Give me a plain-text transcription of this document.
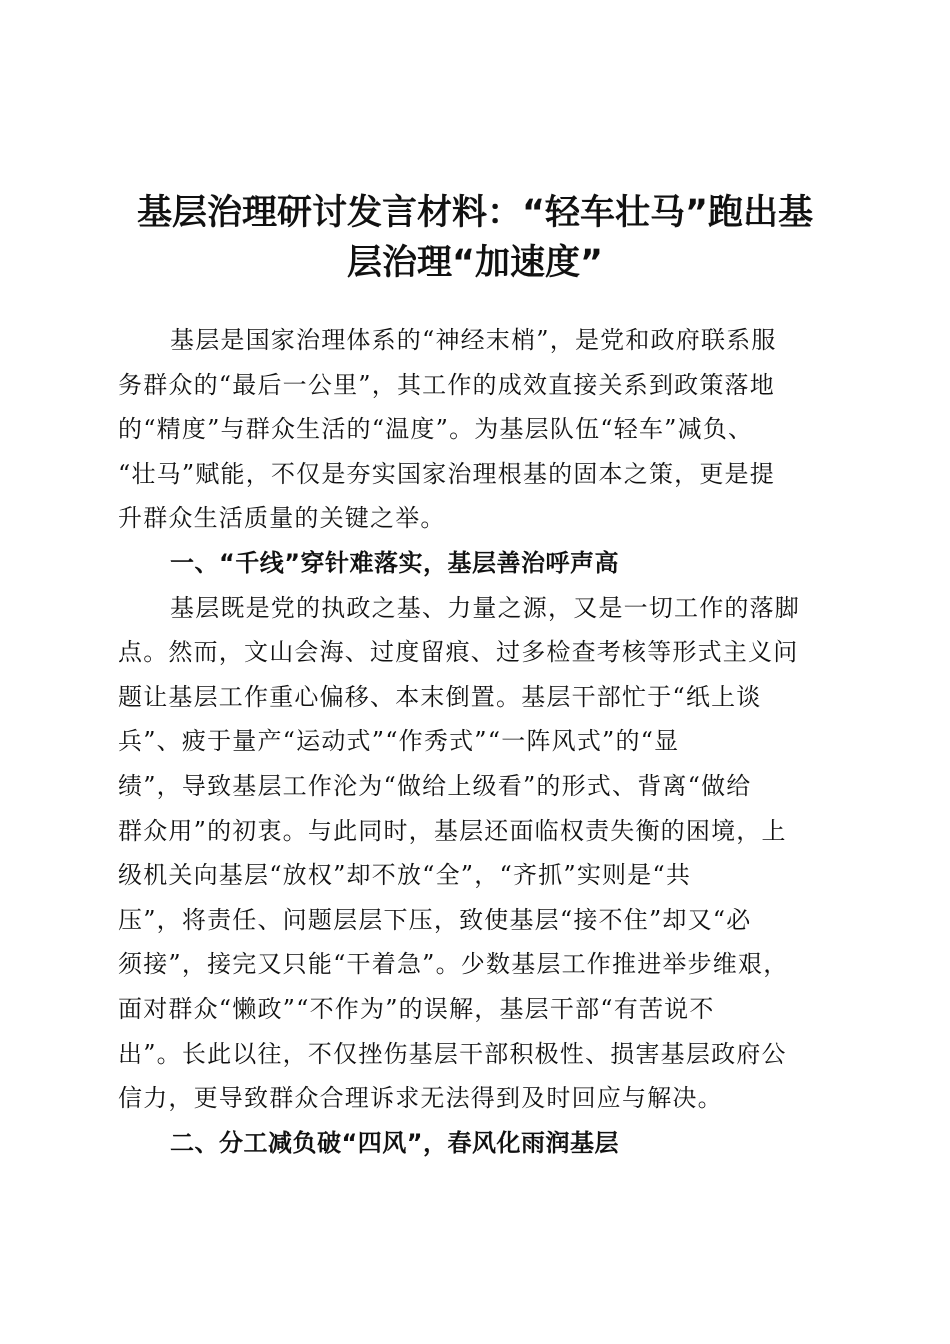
基层治理研讨发言材料：“轻车壮马”跑出基
层治理“加速度”

基层是国家治理体系的“神经末梢”，是党和政府联系服
务群众的“最后一公里”，其工作的成效直接关系到政策落地
的“精度”与群众生活的“温度”。为基层队伍“轻车”减负、
“壮马”赋能，不仅是夯实国家治理根基的固本之策，更是提
升群众生活质量的关键之举。

一、“千线”穿针难落实，基层善治呼声高

基层既是党的执政之基、力量之源，又是一切工作的落脚
点。然而，文山会海、过度留痕、过多检查考核等形式主义问
题让基层工作重心偏移、本末倒置。基层干部忙于“纸上谈
兵”、疲于量产“运动式”“作秀式”“一阵风式”的“显
绩”，导致基层工作沦为“做给上级看”的形式、背离“做给
群众用”的初衷。与此同时，基层还面临权责失衡的困境，上
级机关向基层“放权”却不放“全”，“齐抓”实则是“共
压”，将责任、问题层层下压，致使基层“接不住”却又“必
须接”，接完又只能“干着急”。少数基层工作推进举步维艰，
面对群众“懒政”“不作为”的误解，基层干部“有苦说不
出”。长此以往，不仅挫伤基层干部积极性、损害基层政府公
信力，更导致群众合理诉求无法得到及时回应与解决。

二、分工减负破“四风”，春风化雨润基层
